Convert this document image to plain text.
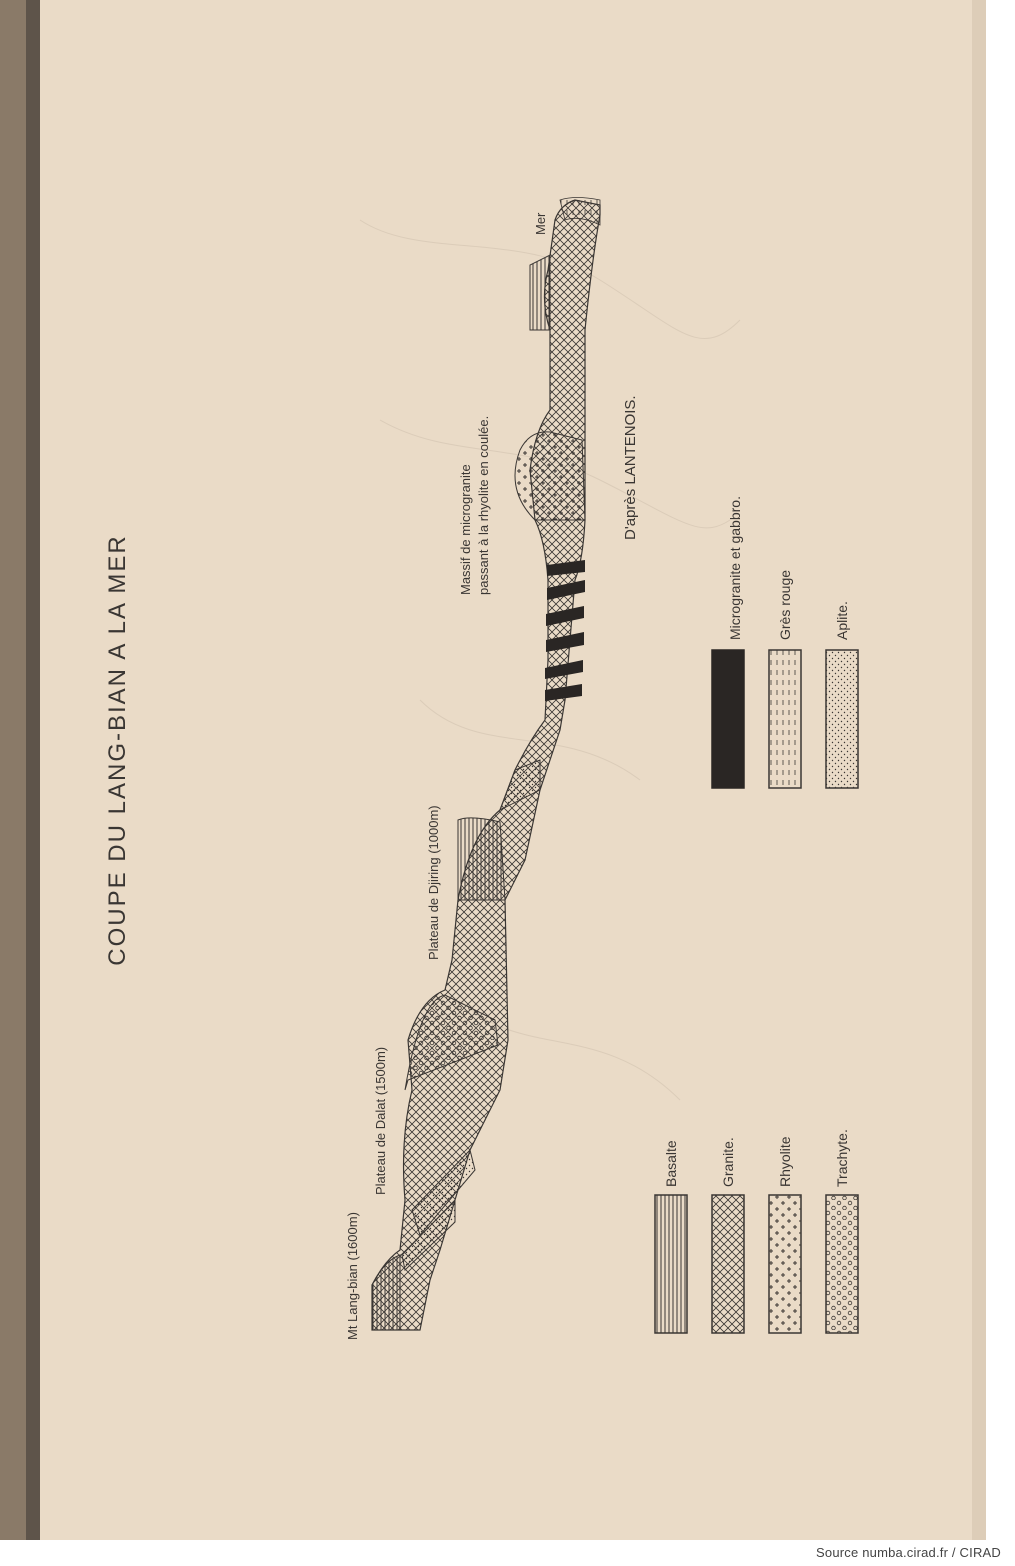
COUPE DU LANG-BIAN A LA MER
Mt Lang-bian (1600m)
Plateau de Dalat (1500m)
Plateau de Djiring (1000m)
Massif de microgranite passant à la rhyolite en coulée.
Mer
D'après LANTENOIS.
Basalte	Granite.	Rhyolite	Trachyte.
Microgranite et gabbro. Grès rouge	Aplite.
Source numba.cirad.fr / CIRAD
